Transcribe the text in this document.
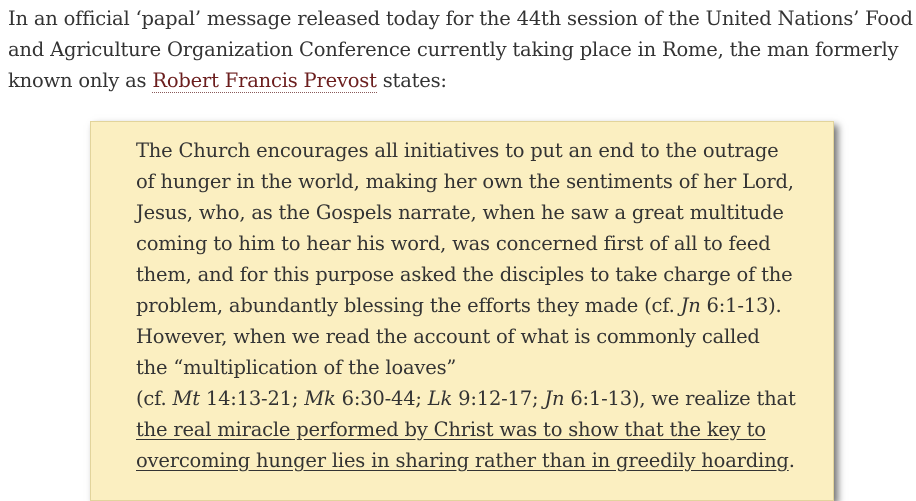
In an official ‘papal’ message released today for the 44th session of the United Nations’ Food and Agriculture Organization Conference currently taking place in Rome, the man formerly known only as Robert Francis Prevost states:

The Church encourages all initiatives to put an end to the outrage of hunger in the world, making her own the sentiments of her Lord, Jesus, who, as the Gospels narrate, when he saw a great multitude coming to him to hear his word, was concerned first of all to feed them, and for this purpose asked the disciples to take charge of the problem, abundantly blessing the efforts they made (cf. Jn 6:1-13). However, when we read the account of what is commonly called the “multiplication of the loaves”
(cf. Mt 14:13-21; Mk 6:30-44; Lk 9:12-17; Jn 6:1-13), we realize that the real miracle performed by Christ was to show that the key to overcoming hunger lies in sharing rather than in greedily hoarding.
